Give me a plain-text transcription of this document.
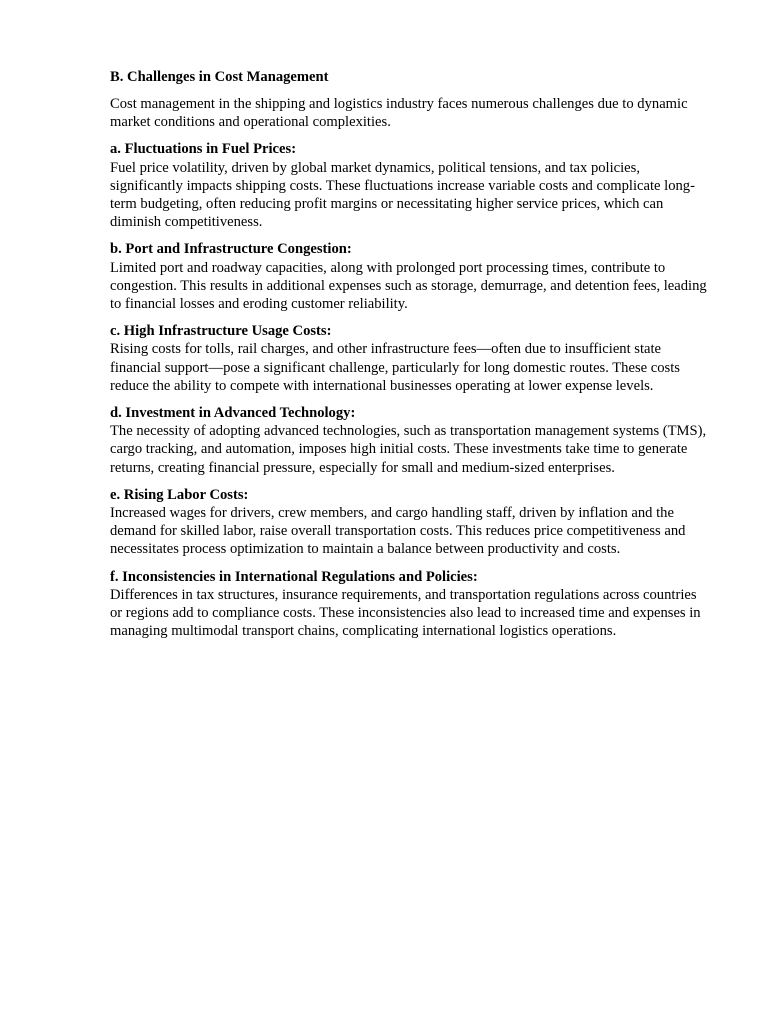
B. Challenges in Cost Management

Cost management in the shipping and logistics industry faces numerous challenges due to dynamic market conditions and operational complexities.

a. Fluctuations in Fuel Prices:

Fuel price volatility, driven by global market dynamics, political tensions, and tax policies, significantly impacts shipping costs. These fluctuations increase variable costs and complicate long-term budgeting, often reducing profit margins or necessitating higher service prices, which can diminish competitiveness.

b. Port and Infrastructure Congestion:

Limited port and roadway capacities, along with prolonged port processing times, contribute to congestion. This results in additional expenses such as storage, demurrage, and detention fees, leading to financial losses and eroding customer reliability.

c. High Infrastructure Usage Costs:

Rising costs for tolls, rail charges, and other infrastructure fees—often due to insufficient state financial support—pose a significant challenge, particularly for long domestic routes. These costs reduce the ability to compete with international businesses operating at lower expense levels.

d. Investment in Advanced Technology:

The necessity of adopting advanced technologies, such as transportation management systems (TMS), cargo tracking, and automation, imposes high initial costs. These investments take time to generate returns, creating financial pressure, especially for small and medium-sized enterprises.

e. Rising Labor Costs:

Increased wages for drivers, crew members, and cargo handling staff, driven by inflation and the demand for skilled labor, raise overall transportation costs. This reduces price competitiveness and necessitates process optimization to maintain a balance between productivity and costs.

f. Inconsistencies in International Regulations and Policies:

Differences in tax structures, insurance requirements, and transportation regulations across countries or regions add to compliance costs. These inconsistencies also lead to increased time and expenses in managing multimodal transport chains, complicating international logistics operations.
